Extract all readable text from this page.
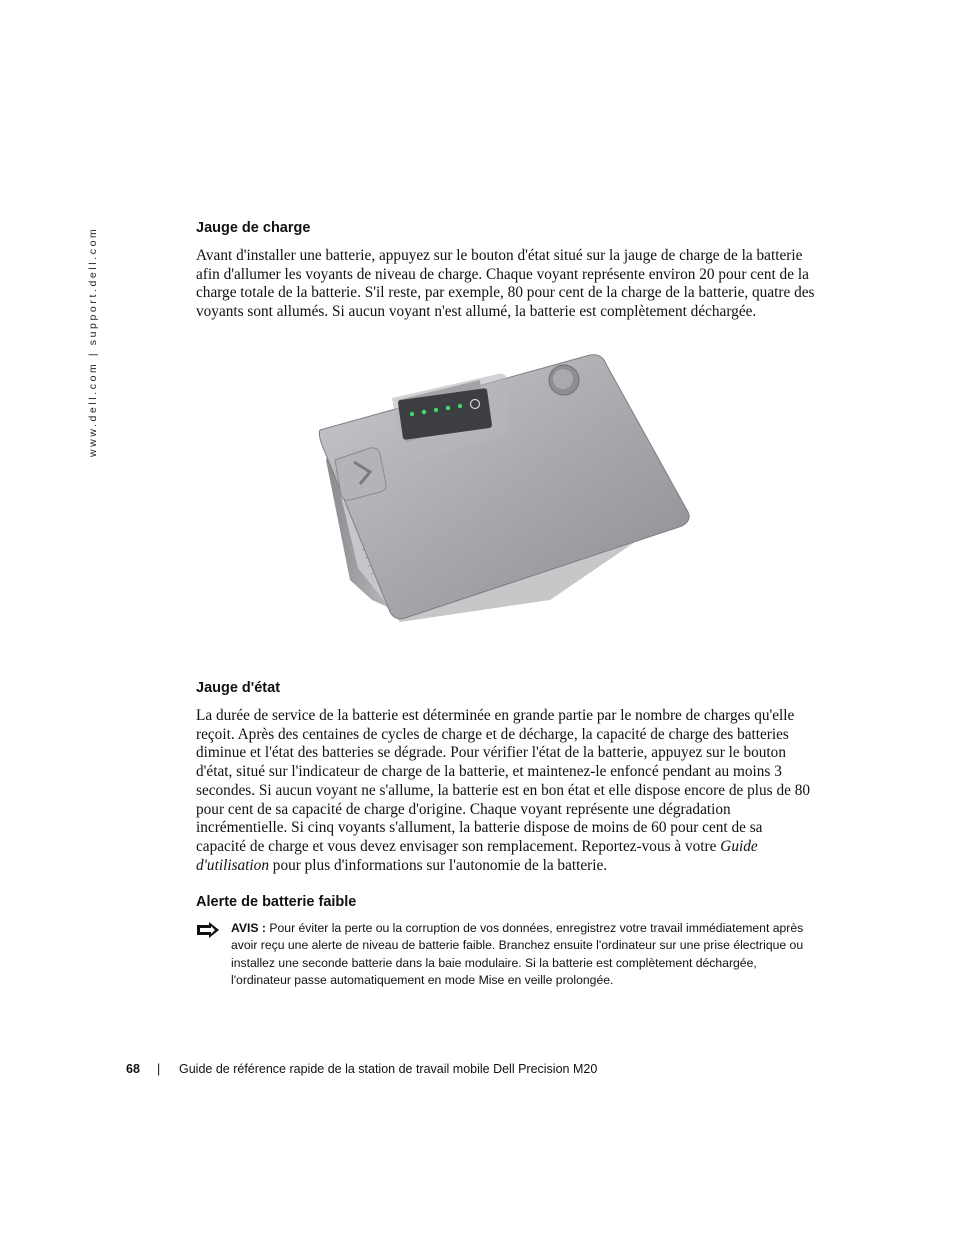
www.dell.com | support.dell.com	Jauge de charge

Avant d'installer une batterie, appuyez sur le bouton d'état situé sur la jauge de charge de la batterie afin d'allumer les voyants de niveau de charge. Chaque voyant représente environ 20 pour cent de la charge totale de la batterie. S'il reste, par exemple, 80 pour cent de la charge de la batterie, quatre des voyants sont allumés. Si aucun voyant n'est allumé, la batterie est complètement déchargée.

Jauge d'état

La durée de service de la batterie est déterminée en grande partie par le nombre de charges qu'elle reçoit. Après des centaines de cycles de charge et de décharge, la capacité de charge des batteries diminue et l'état des batteries se dégrade. Pour vérifier l'état de la batterie, appuyez sur le bouton d'état, situé sur l'indicateur de charge de la batterie, et maintenez-le enfoncé pendant au moins 3 secondes. Si aucun voyant ne s'allume, la batterie est en bon état et elle dispose encore de plus de 80 pour cent de sa capacité de charge d'origine. Chaque voyant représente une dégradation incrémentielle. Si cinq voyants s'allument, la batterie dispose de moins de 60 pour cent de sa capacité de charge et vous devez envisager son remplacement. Reportez-vous à votre Guide d'utilisation pour plus d'informations sur l'autonomie de la batterie.

Alerte de batterie faible

AVIS : Pour éviter la perte ou la corruption de vos données, enregistrez votre travail immédiatement après avoir reçu une alerte de niveau de batterie faible. Branchez ensuite l'ordinateur sur une prise électrique ou installez une seconde batterie dans la baie modulaire. Si la batterie est complètement déchargée, l'ordinateur passe automatiquement en mode Mise en veille prolongée.

68 | Guide de référence rapide de la station de travail mobile Dell Precision M20
